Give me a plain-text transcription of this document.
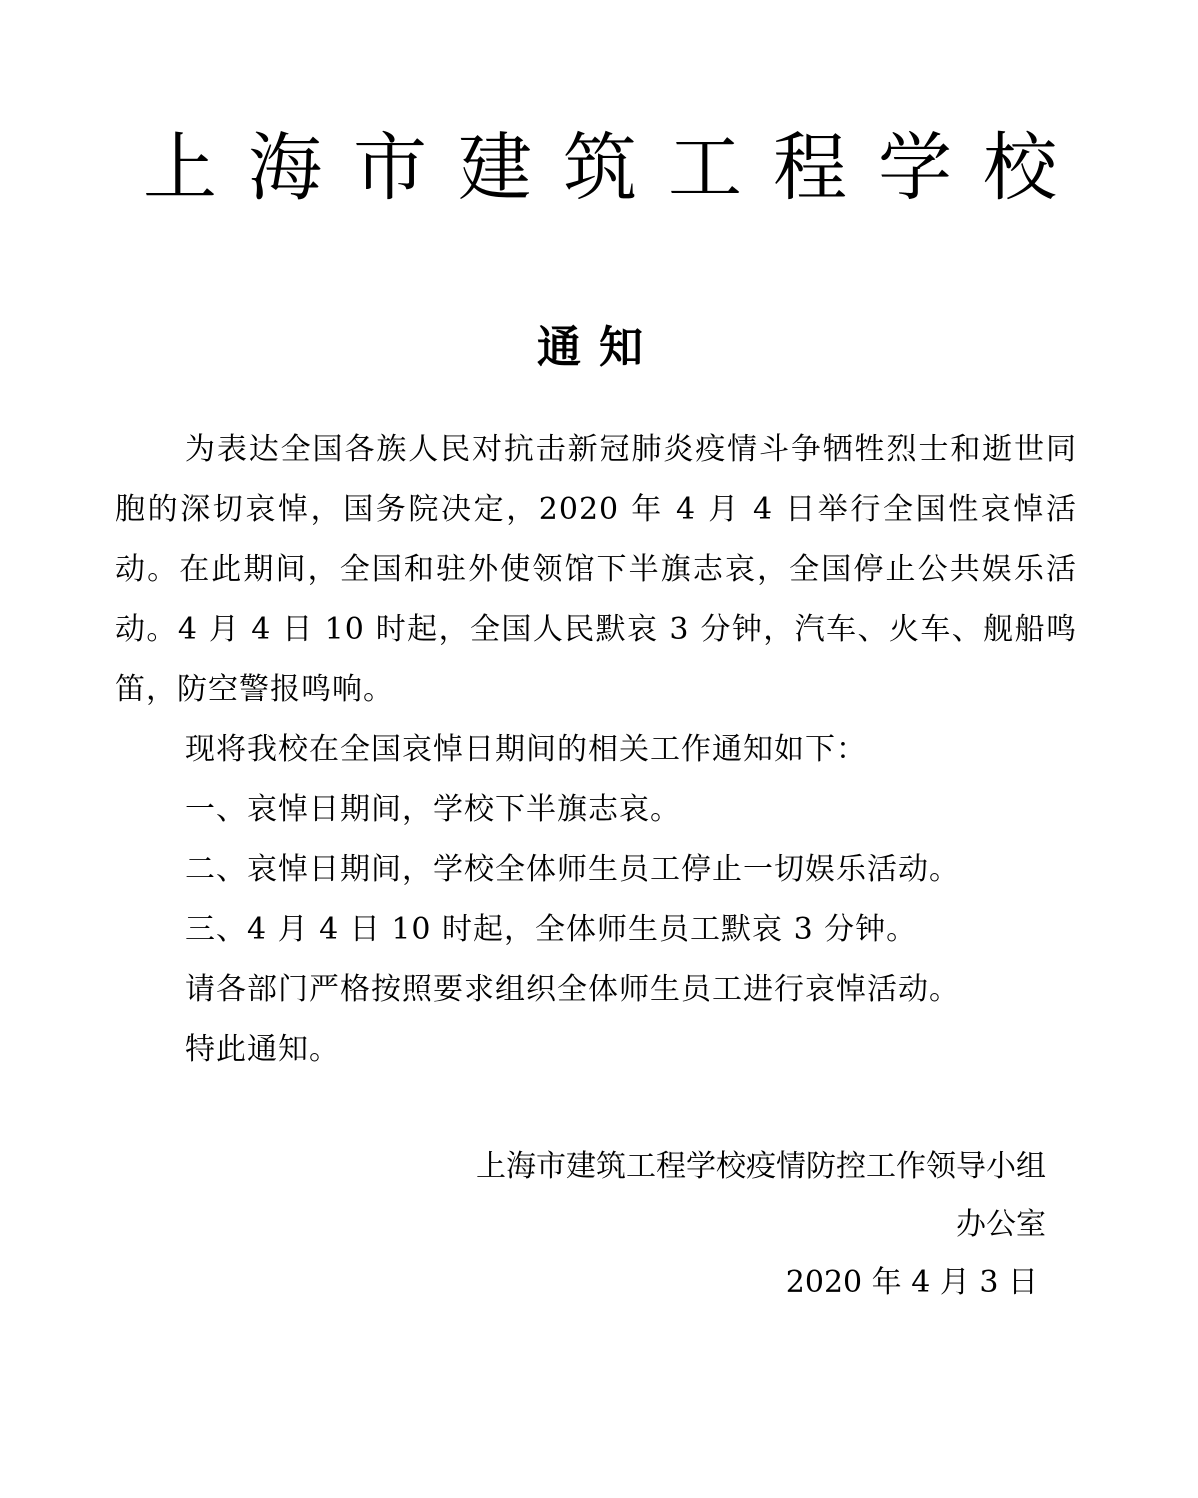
上 海 市 建 筑 工 程 学 校
通知

为表达全国各族人民对抗击新冠肺炎疫情斗争牺牲烈士和逝世同胞的深切哀悼，国务院决定，2020 年 4 月 4 日举行全国性哀悼活动。在此期间，全国和驻外使领馆下半旗志哀，全国停止公共娱乐活动。4 月 4 日 10 时起，全国人民默哀 3 分钟，汽车、火车、舰船鸣笛，防空警报鸣响。

现将我校在全国哀悼日期间的相关工作通知如下：

一、哀悼日期间，学校下半旗志哀。

二、哀悼日期间，学校全体师生员工停止一切娱乐活动。

三、4 月 4 日 10 时起，全体师生员工默哀 3 分钟。

请各部门严格按照要求组织全体师生员工进行哀悼活动。

特此通知。

上海市建筑工程学校疫情防控工作领导小组
办公室
2020 年 4 月 3 日
